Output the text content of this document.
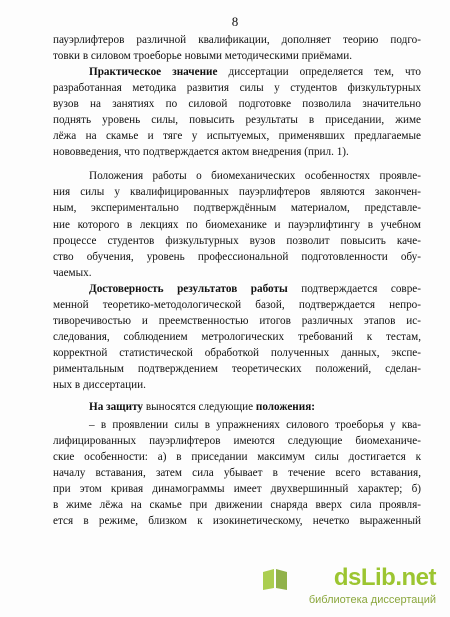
8
пауэрлифтеров различной квалификации, дополняет теорию подго-
товки в силовом троеборье новыми методическими приёмами.
Практическое значение диссертации определяется тем, что
разработанная методика развития силы у студентов физкультурных
вузов на занятиях по силовой подготовке позволила значительно
поднять уровень силы, повысить результаты в приседании, жиме
лёжа на скамье и тяге у испытуемых, применявших предлагаемые
нововведения, что подтверждается актом внедрения (прил. 1).
Положения работы о биомеханических особенностях проявле-
ния силы у квалифицированных пауэрлифтеров являются закончен-
ным, экспериментально подтверждённым материалом, представле-
ние которого в лекциях по биомеханике и пауэрлифтингу в учебном
процессе студентов физкультурных вузов позволит повысить каче-
ство обучения, уровень профессиональной подготовленности обу-
чаемых.
Достоверность результатов работы подтверждается совре-
менной теоретико-методологической базой, подтверждается непро-
тиворечивостью и преемственностью итогов различных этапов ис-
следования, соблюдением метрологических требований к тестам,
корректной статистической обработкой полученных данных, экспе-
риментальным подтверждением теоретических положений, сделан-
ных в диссертации.
На защиту выносятся следующие положения:
– в проявлении силы в упражнениях силового троеборья у ква-
лифицированных пауэрлифтеров имеются следующие биомеханиче-
ские особенности: а) в приседании максимум силы достигается к
началу вставания, затем сила убывает в течение всего вставания,
при этом кривая динамограммы имеет двухвершинный характер; б)
в жиме лёжа на скамье при движении снаряда вверх сила проявля-
ется в режиме, близком к изокинетическому, нечетко выраженный
dsLib.net
библиотека диссертаций
